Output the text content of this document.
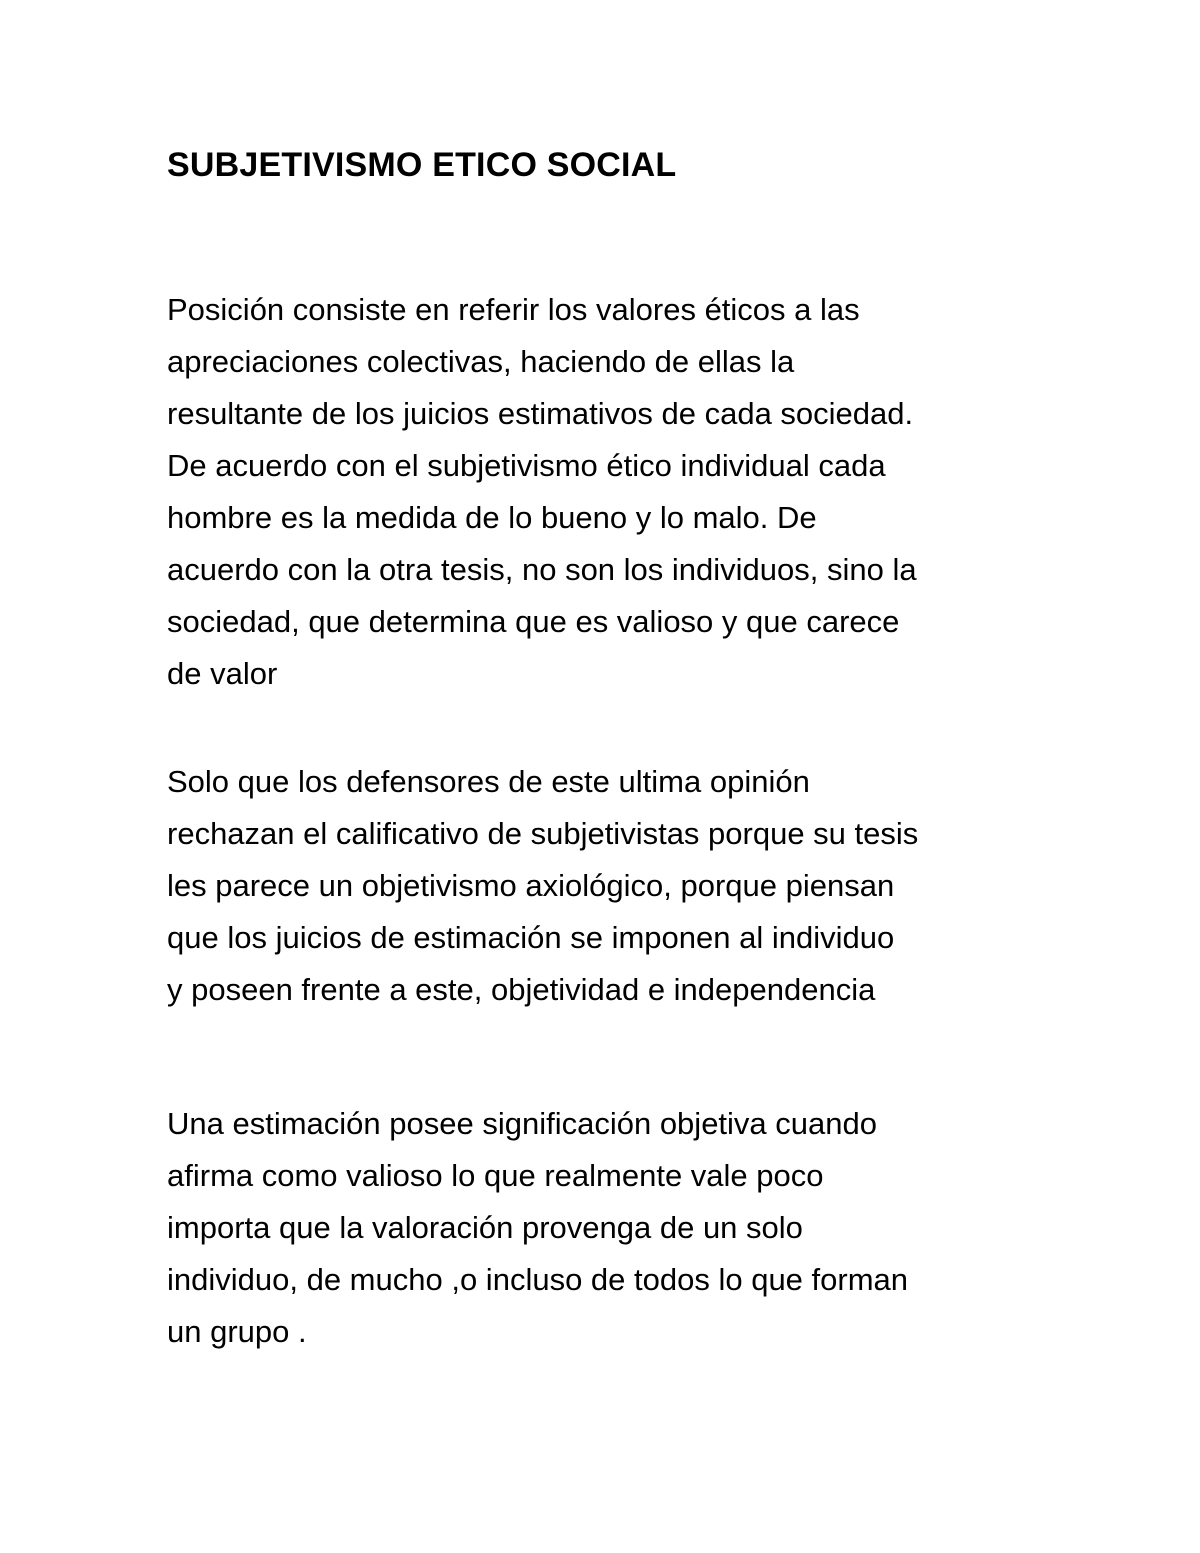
SUBJETIVISMO ETICO SOCIAL
Posición consiste en referir los valores éticos a las
apreciaciones colectivas, haciendo de ellas la
resultante de los juicios estimativos de cada sociedad.
De acuerdo con el subjetivismo ético individual cada
hombre es la medida de lo bueno y lo malo. De
acuerdo con la otra tesis, no son los individuos, sino la
sociedad, que determina que es valioso y que carece
de valor
Solo que los defensores de este ultima opinión
rechazan el calificativo de subjetivistas porque su tesis
les parece un objetivismo axiológico, porque piensan
que los juicios de estimación se imponen al individuo
y poseen frente a este, objetividad e independencia
Una estimación posee significación objetiva cuando
afirma como valioso lo que realmente vale poco
importa que la valoración provenga de un solo
individuo, de mucho ,o incluso de todos lo que forman
un grupo .
